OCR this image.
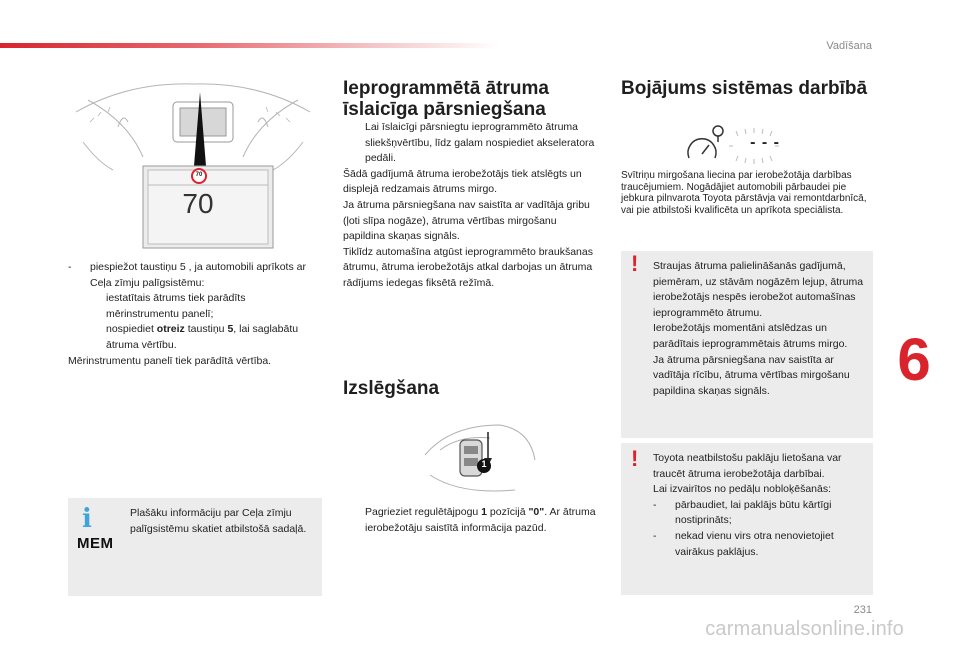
Vadīšana
70
70

- piespiežot taustiņu 5 , ja automobili aprīkots ar Ceļa zīmju palīgsistēmu:

iestatītais ātrums tiek parādīts mērinstrumentu panelī;

nospiediet otreiz taustiņu 5, lai saglabātu ātruma vērtību.

Mērinstrumentu panelī tiek parādītā vērtība.

i
MEM
Plašāku informāciju par Ceļa zīmju palīgsistēmu skatiet atbilstošā sadaļā.
Ieprogrammētā ātruma īslaicīga pārsniegšana

Lai īslaicīgi pārsniegtu ieprogrammēto ātruma sliekšņvērtību, līdz galam nospiediet akseleratora pedāli.

Šādā gadījumā ātruma ierobežotājs tiek atslēgts un displejā redzamais ātrums mirgo.

Ja ātruma pārsniegšana nav saistīta ar vadītāja gribu (ļoti slīpa nogāze), ātruma vērtības mirgošanu papildina skaņas signāls.

Tiklīdz automašīna atgūst ieprogrammēto braukšanas ātrumu, ātruma ierobežotājs atkal darbojas un ātruma rādījums iedegas fiksētā režīmā.

Izslēgšana
1

Pagrieziet regulētājpogu 1 pozīcijā "0". Ar ātruma ierobežotāju saistītā informācija pazūd.

Bojājums sistēmas darbībā
- - -

Svītriņu mirgošana liecina par ierobežotāja darbības traucējumiem. Nogādājiet automobili pārbaudei pie jebkura pilnvarota Toyota pārstāvja vai remontdarbnīcā, vai pie atbilstoši kvalificēta un aprīkota speciālista.

! Straujas ātruma palielināšanās gadījumā, piemēram, uz stāvām nogāzēm lejup, ātruma ierobežotājs nespēs ierobežot automašīnas ieprogrammēto ātrumu.

Ierobežotājs momentāni atslēdzas un parādītais ieprogrammētais ātrums mirgo.

Ja ātruma pārsniegšana nav saistīta ar vadītāja rīcību, ātruma vērtības mirgošanu papildina skaņas signāls.

! Toyota neatbilstošu paklāju lietošana var traucēt ātruma ierobežotāja darbībai.

Lai izvairītos no pedāļu nobloķēšanās:

- pārbaudiet, lai paklājs būtu kārtīgi nostiprināts;

- nekad vienu virs otra nenovietojiet vairākus paklājus.

6
231
carmanualsonline.info
